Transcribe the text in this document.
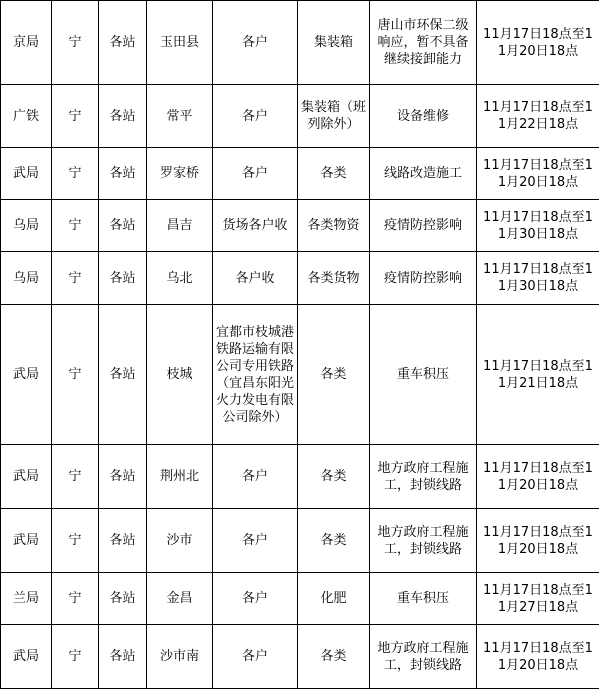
京局	宁	各站	玉田县	各户	集装箱	唐山市环保二级响应，暂不具备继续接卸能力	11月17日18点至11月20日18点
广铁	宁	各站	常平	各户	集装箱（班列除外）	设备维修	11月17日18点至11月22日18点
武局	宁	各站	罗家桥	各户	各类	线路改造施工	11月17日18点至11月20日18点
乌局	宁	各站	昌吉	货场各户收	各类物资	疫情防控影响	11月17日18点至11月30日18点
乌局	宁	各站	乌北	各户收	各类货物	疫情防控影响	11月17日18点至11月30日18点
武局	宁	各站	枝城	宜都市枝城港铁路运输有限公司专用铁路（宜昌东阳光火力发电有限公司除外）	各类	重车积压	11月17日18点至11月21日18点
武局	宁	各站	荆州北	各户	各类	地方政府工程施工，封锁线路	11月17日18点至11月20日18点
武局	宁	各站	沙市	各户	各类	地方政府工程施工，封锁线路	11月17日18点至11月20日18点
兰局	宁	各站	金昌	各户	化肥	重车积压	11月17日18点至11月27日18点
武局	宁	各站	沙市南	各户	各类	地方政府工程施工，封锁线路	11月17日18点至11月20日18点
